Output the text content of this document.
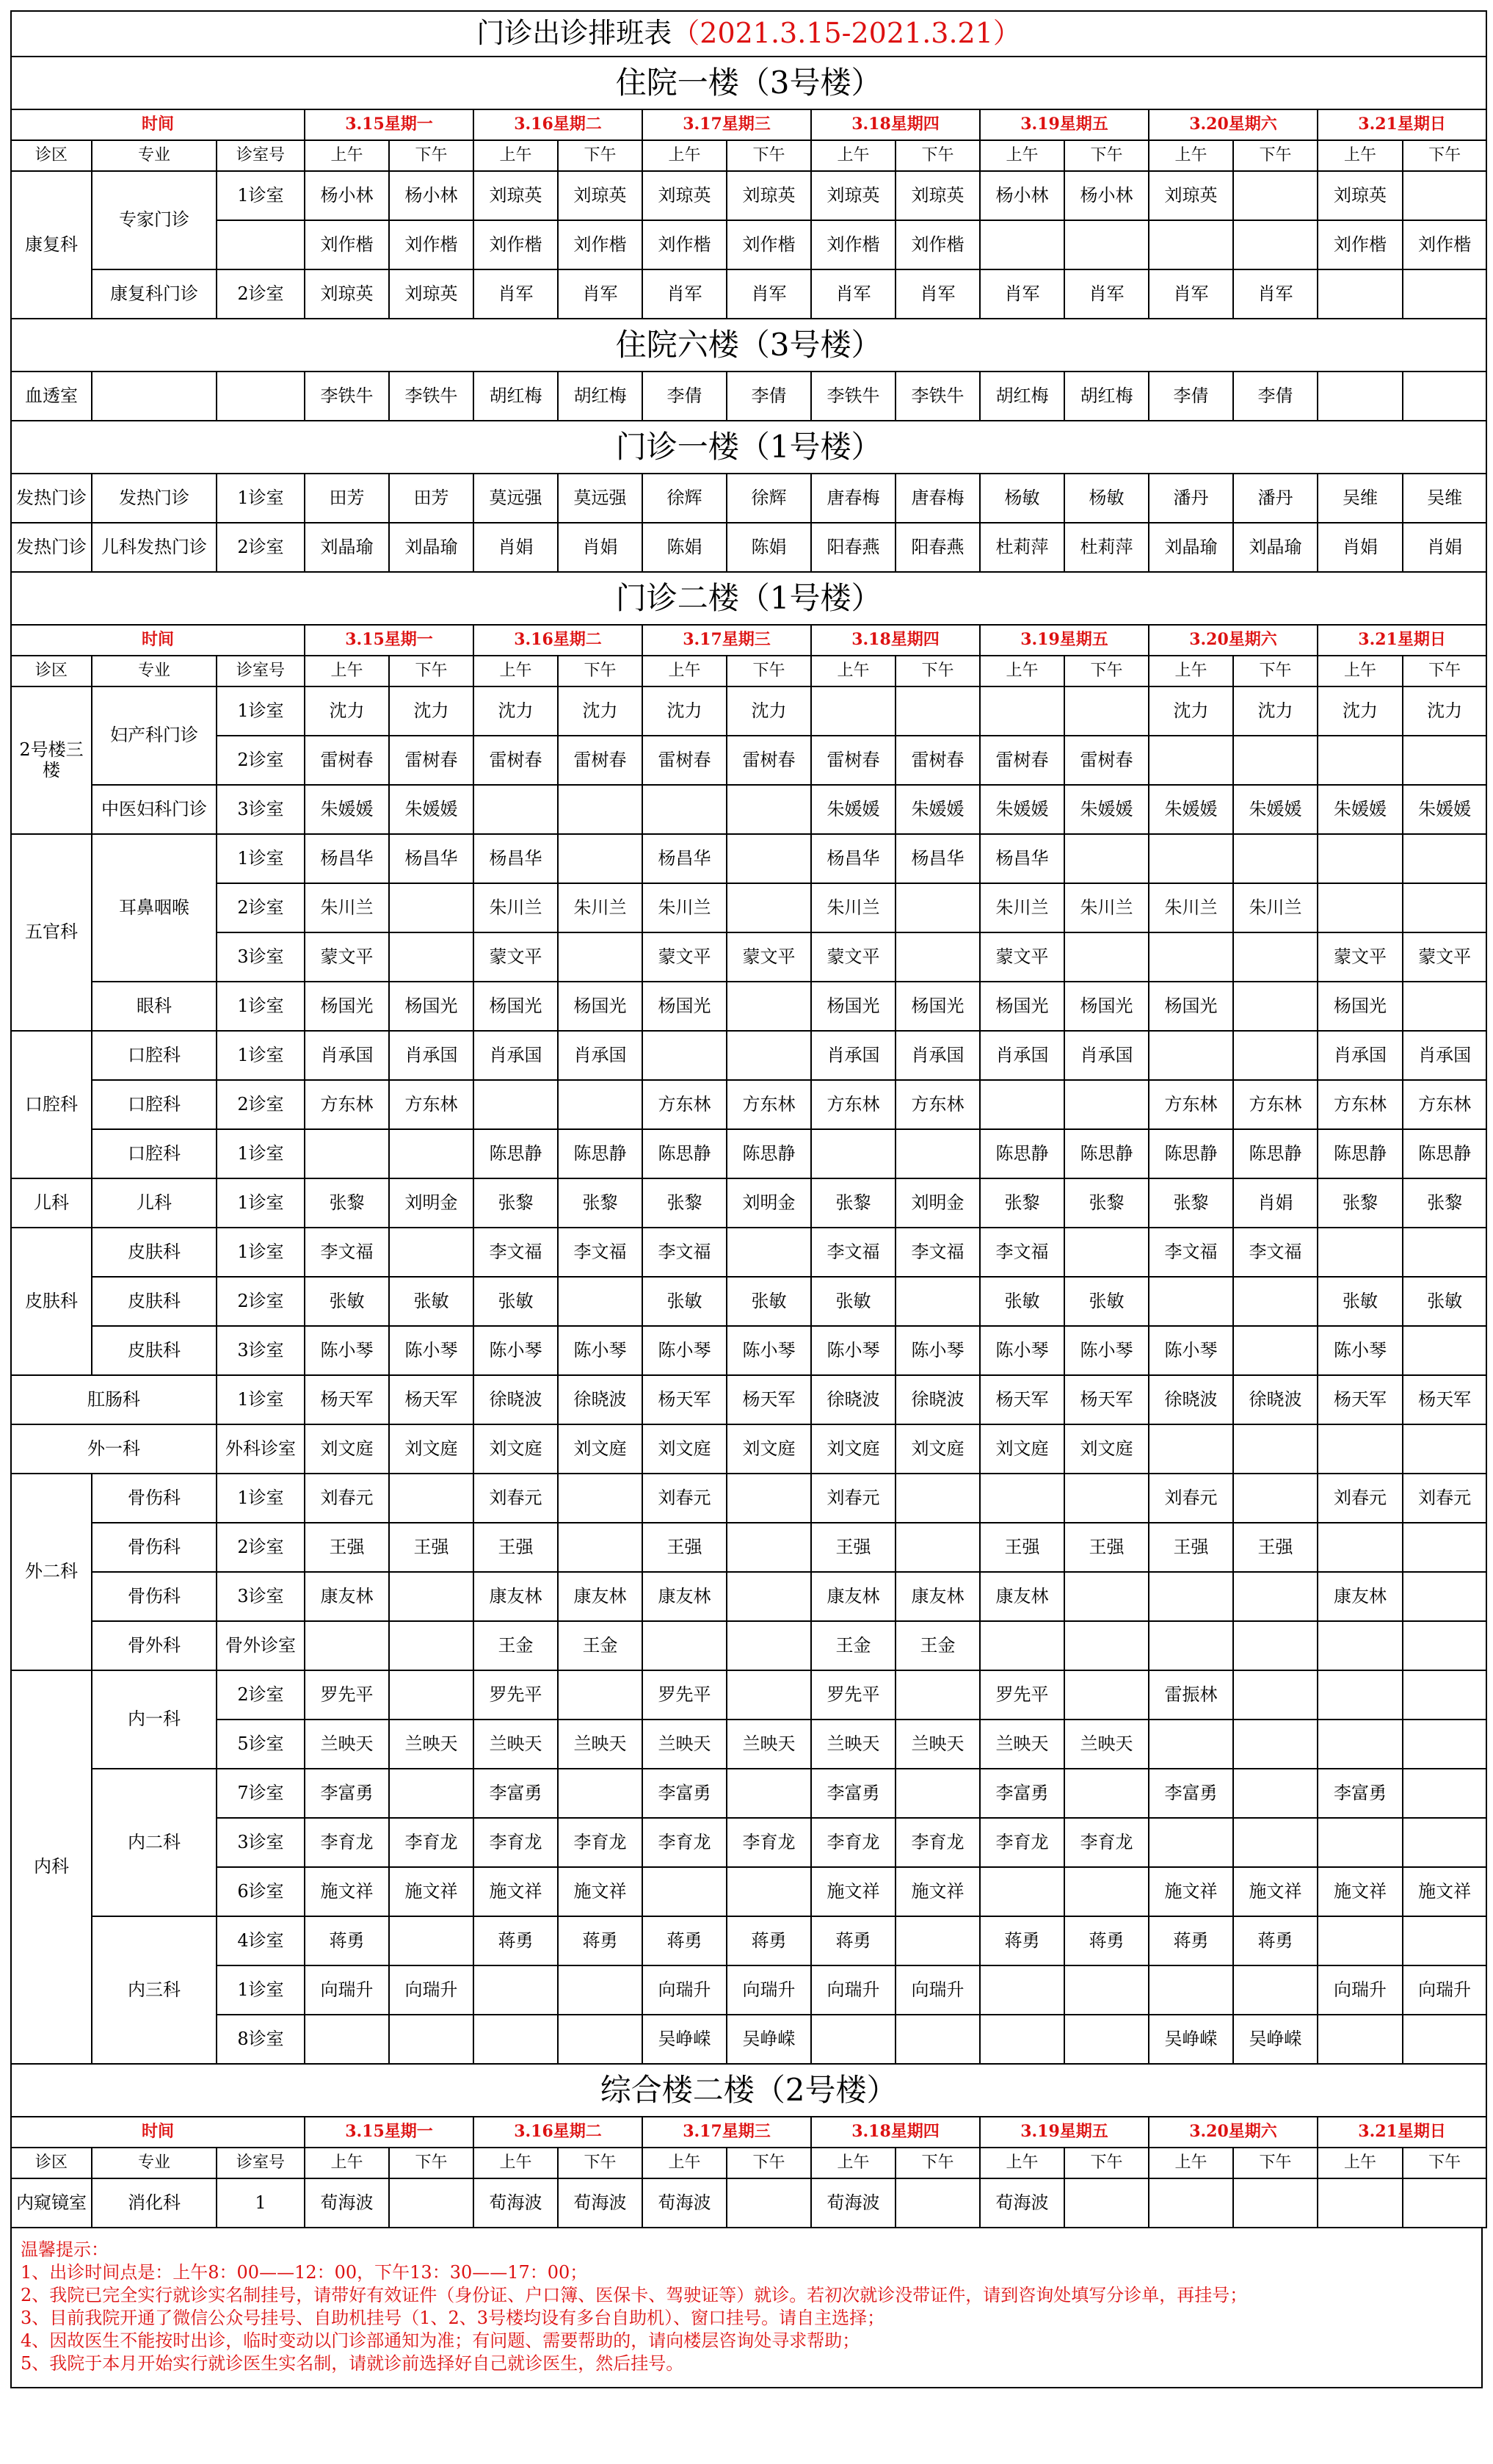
门诊出诊排班表（2021.3.15-2021.3.21）																
住院一楼（3号楼）																
时间			3.15星期一		3.16星期二		3.17星期三		3.18星期四		3.19星期五		3.20星期六		3.21星期日	
诊区	专业	诊室号	上午	下午	上午	下午	上午	下午	上午	下午	上午	下午	上午	下午	上午	下午
康复科	专家门诊	1诊室	杨小林	杨小林	刘琼英	刘琼英	刘琼英	刘琼英	刘琼英	刘琼英	杨小林	杨小林	刘琼英		刘琼英	
			刘作楷	刘作楷	刘作楷	刘作楷	刘作楷	刘作楷	刘作楷	刘作楷					刘作楷	刘作楷
	康复科门诊	2诊室	刘琼英	刘琼英	肖军	肖军	肖军	肖军	肖军	肖军	肖军	肖军	肖军	肖军		
住院六楼（3号楼）																
血透室			李铁牛	李铁牛	胡红梅	胡红梅	李倩	李倩	李铁牛	李铁牛	胡红梅	胡红梅	李倩	李倩		
门诊一楼（1号楼）																
发热门诊	发热门诊	1诊室	田芳	田芳	莫远强	莫远强	徐辉	徐辉	唐春梅	唐春梅	杨敏	杨敏	潘丹	潘丹	吴维	吴维
发热门诊	儿科发热门诊	2诊室	刘晶瑜	刘晶瑜	肖娟	肖娟	陈娟	陈娟	阳春燕	阳春燕	杜莉萍	杜莉萍	刘晶瑜	刘晶瑜	肖娟	肖娟
门诊二楼（1号楼）																
时间			3.15星期一		3.16星期二		3.17星期三		3.18星期四		3.19星期五		3.20星期六		3.21星期日	
诊区	专业	诊室号	上午	下午	上午	下午	上午	下午	上午	下午	上午	下午	上午	下午	上午	下午
2号楼三楼	妇产科门诊	1诊室	沈力	沈力	沈力	沈力	沈力	沈力					沈力	沈力	沈力	沈力
		2诊室	雷树春	雷树春	雷树春	雷树春	雷树春	雷树春	雷树春	雷树春	雷树春	雷树春				
	中医妇科门诊	3诊室	朱媛媛	朱媛媛					朱媛媛	朱媛媛	朱媛媛	朱媛媛	朱媛媛	朱媛媛	朱媛媛	朱媛媛
五官科	耳鼻咽喉	1诊室	杨昌华	杨昌华	杨昌华		杨昌华		杨昌华	杨昌华	杨昌华					
		2诊室	朱川兰		朱川兰	朱川兰	朱川兰		朱川兰		朱川兰	朱川兰	朱川兰	朱川兰		
		3诊室	蒙文平		蒙文平		蒙文平	蒙文平	蒙文平		蒙文平				蒙文平	蒙文平
	眼科	1诊室	杨国光	杨国光	杨国光	杨国光	杨国光		杨国光	杨国光	杨国光	杨国光	杨国光		杨国光	
口腔科	口腔科	1诊室	肖承国	肖承国	肖承国	肖承国			肖承国	肖承国	肖承国	肖承国			肖承国	肖承国
	口腔科	2诊室	方东林	方东林			方东林	方东林	方东林	方东林			方东林	方东林	方东林	方东林
	口腔科	1诊室			陈思静	陈思静	陈思静	陈思静			陈思静	陈思静	陈思静	陈思静	陈思静	陈思静
儿科	儿科	1诊室	张黎	刘明金	张黎	张黎	张黎	刘明金	张黎	刘明金	张黎	张黎	张黎	肖娟	张黎	张黎
皮肤科	皮肤科	1诊室	李文福		李文福	李文福	李文福		李文福	李文福	李文福		李文福	李文福		
	皮肤科	2诊室	张敏	张敏	张敏		张敏	张敏	张敏		张敏	张敏			张敏	张敏
	皮肤科	3诊室	陈小琴	陈小琴	陈小琴	陈小琴	陈小琴	陈小琴	陈小琴	陈小琴	陈小琴	陈小琴	陈小琴		陈小琴	
肛肠科		1诊室	杨天军	杨天军	徐晓波	徐晓波	杨天军	杨天军	徐晓波	徐晓波	杨天军	杨天军	徐晓波	徐晓波	杨天军	杨天军
外一科		外科诊室	刘文庭	刘文庭	刘文庭	刘文庭	刘文庭	刘文庭	刘文庭	刘文庭	刘文庭	刘文庭				
外二科	骨伤科	1诊室	刘春元		刘春元		刘春元		刘春元				刘春元		刘春元	刘春元
	骨伤科	2诊室	王强	王强	王强		王强		王强		王强	王强	王强	王强		
	骨伤科	3诊室	康友林		康友林	康友林	康友林		康友林	康友林	康友林				康友林	
	骨外科	骨外诊室			王金	王金			王金	王金						
内科	内一科	2诊室	罗先平		罗先平		罗先平		罗先平		罗先平		雷振林			
		5诊室	兰映天	兰映天	兰映天	兰映天	兰映天	兰映天	兰映天	兰映天	兰映天	兰映天				
	内二科	7诊室	李富勇		李富勇		李富勇		李富勇		李富勇		李富勇		李富勇	
		3诊室	李育龙	李育龙	李育龙	李育龙	李育龙	李育龙	李育龙	李育龙	李育龙	李育龙				
		6诊室	施文祥	施文祥	施文祥	施文祥			施文祥	施文祥			施文祥	施文祥	施文祥	施文祥
	内三科	4诊室	蒋勇		蒋勇	蒋勇	蒋勇	蒋勇	蒋勇		蒋勇	蒋勇	蒋勇	蒋勇		
		1诊室	向瑞升	向瑞升			向瑞升	向瑞升	向瑞升	向瑞升					向瑞升	向瑞升
		8诊室					吴峥嵘	吴峥嵘					吴峥嵘	吴峥嵘		
综合楼二楼（2号楼）																
时间			3.15星期一		3.16星期二		3.17星期三		3.18星期四		3.19星期五		3.20星期六		3.21星期日	
诊区	专业	诊室号	上午	下午	上午	下午	上午	下午	上午	下午	上午	下午	上午	下午	上午	下午
内窥镜室	消化科	1	荀海波		荀海波	荀海波	荀海波		荀海波		荀海波					
温馨提示：
1、出诊时间点是：上午8：00——12：00，下午13：30——17：00；
2、我院已完全实行就诊实名制挂号，请带好有效证件（身份证、户口簿、医保卡、驾驶证等）就诊。若初次就诊没带证件，请到咨询处填写分诊单，再挂号；
3、目前我院开通了微信公众号挂号、自助机挂号（1、2、3号楼均设有多台自助机）、窗口挂号。请自主选择；
4、因故医生不能按时出诊，临时变动以门诊部通知为准；有问题、需要帮助的，请向楼层咨询处寻求帮助；
5、我院于本月开始实行就诊医生实名制，请就诊前选择好自己就诊医生，然后挂号。
